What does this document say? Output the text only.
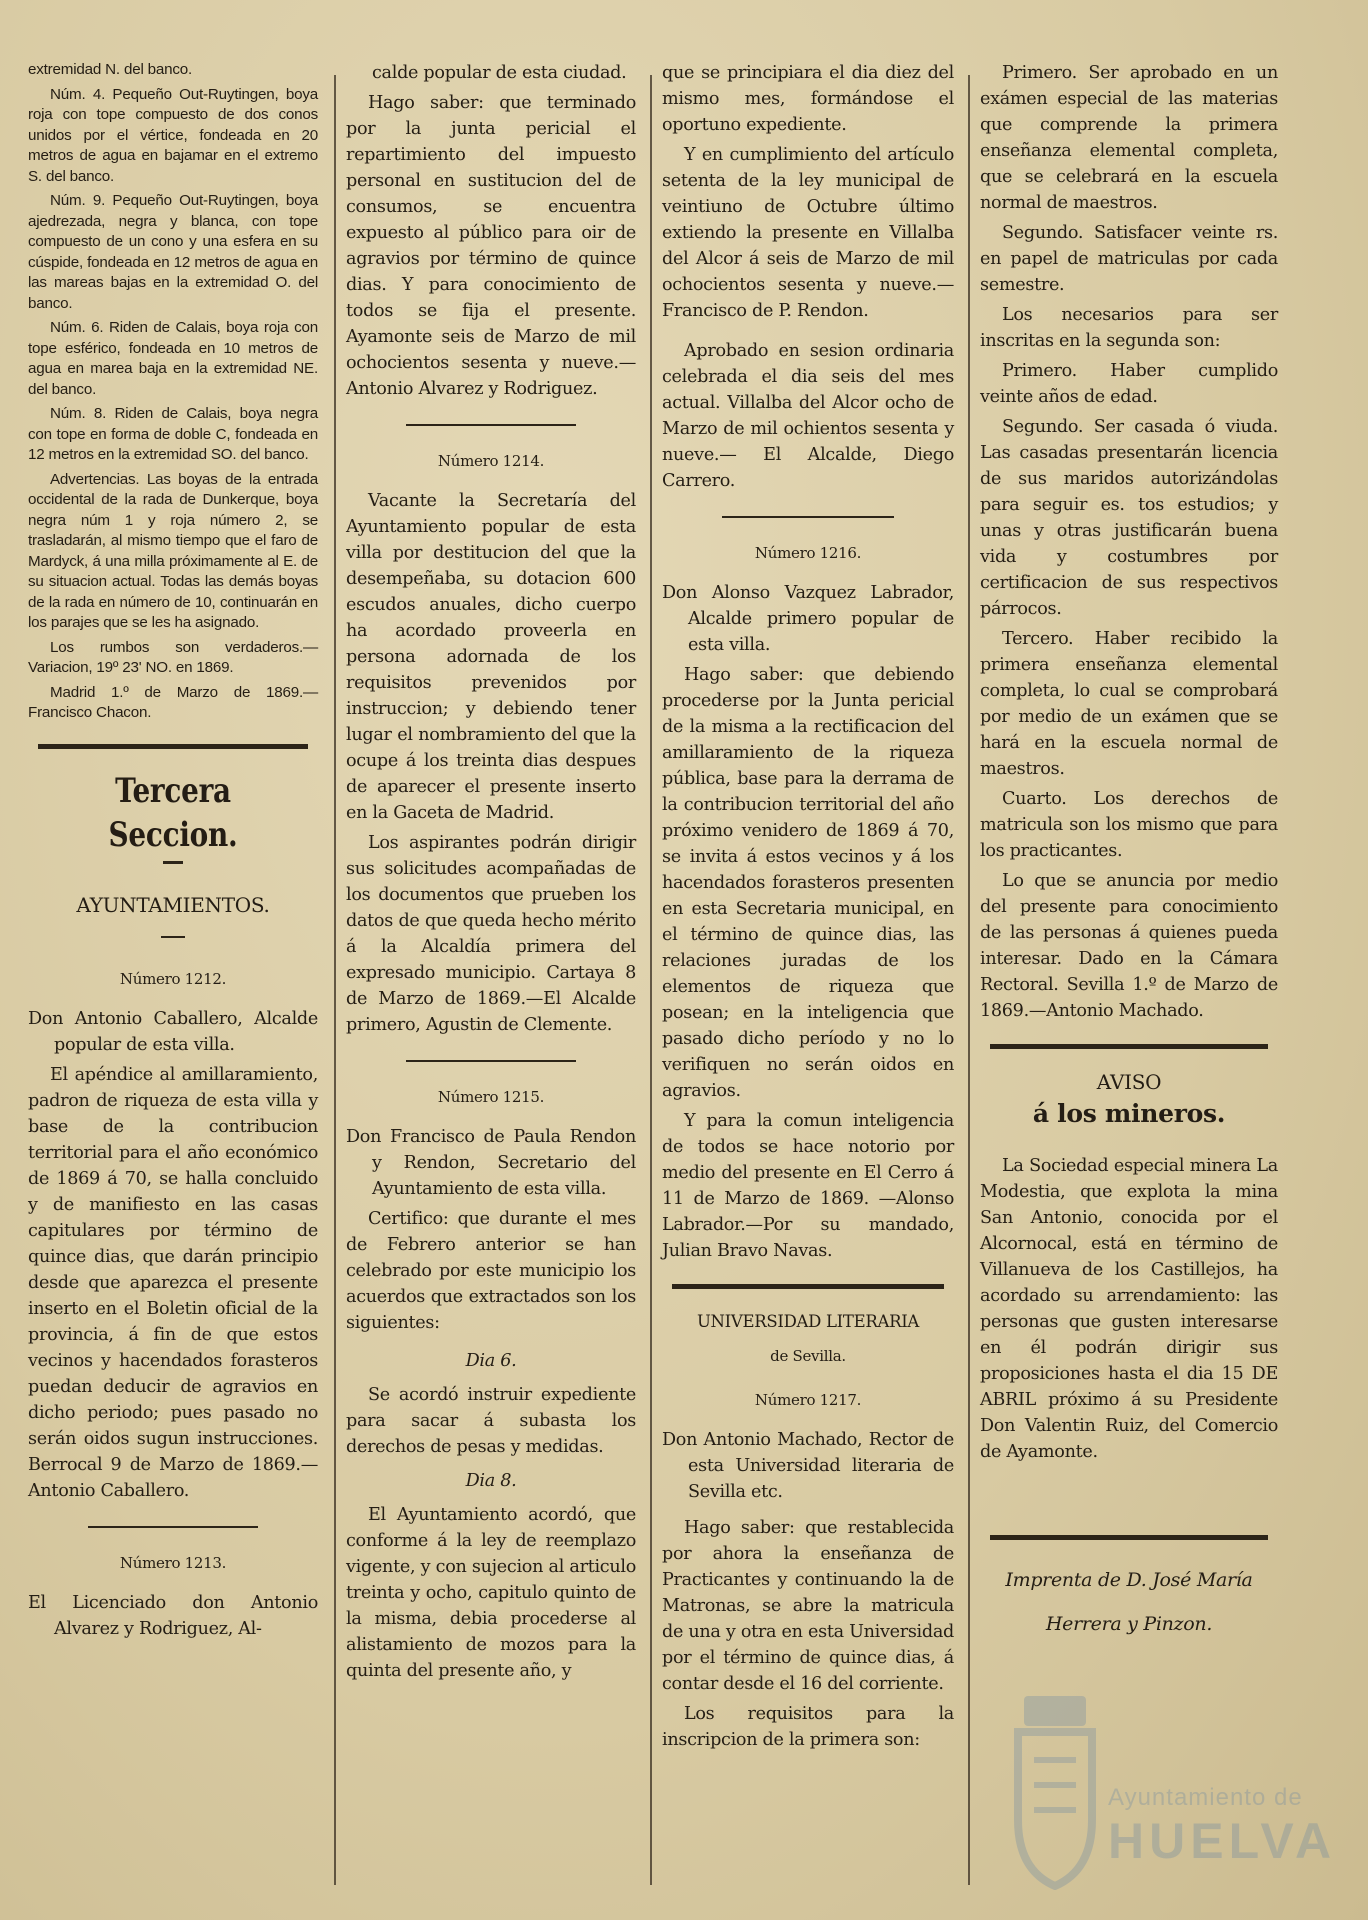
extremidad N. del banco.

Núm. 4. Pequeño Out-Ruytingen, boya roja con tope compuesto de dos conos unidos por el vértice, fondeada en 20 metros de agua en bajamar en el extremo S. del banco.

Núm. 9. Pequeño Out-Ruytingen, boya ajedrezada, negra y blanca, con tope compuesto de un cono y una esfera en su cúspide, fondeada en 12 metros de agua en las mareas bajas en la extremidad O. del banco.

Núm. 6. Riden de Calais, boya roja con tope esférico, fondeada en 10 metros de agua en marea baja en la extremidad NE. del banco.

Núm. 8. Riden de Calais, boya negra con tope en forma de doble C, fondeada en 12 metros en la extremidad SO. del banco.

Advertencias. Las boyas de la entrada occidental de la rada de Dunkerque, boya negra núm 1 y roja número 2, se trasladarán, al mismo tiempo que el faro de Mardyck, á una milla próximamente al E. de su situacion actual. Todas las demás boyas de la rada en número de 10, continuarán en los parajes que se les ha asignado.

Los rumbos son verdaderos.— Variacion, 19º 23' NO. en 1869.

Madrid 1.º de Marzo de 1869.— Francisco Chacon.

Tercera Seccion.

AYUNTAMIENTOS.

Número 1212.

Don Antonio Caballero, Alcalde popular de esta villa.

El apéndice al amillaramiento, padron de riqueza de esta villa y base de la contribucion territorial para el año económico de 1869 á 70, se halla concluido y de manifiesto en las casas capitulares por término de quince dias, que darán principio desde que aparezca el presente inserto en el Boletin oficial de la provincia, á fin de que estos vecinos y hacendados forasteros puedan deducir de agravios en dicho periodo; pues pasado no serán oidos sugun instrucciones. Berrocal 9 de Marzo de 1869.— Antonio Caballero.

Número 1213.

El Licenciado don Antonio Alvarez y Rodriguez, Al-

calde popular de esta ciudad.

Hago saber: que terminado por la junta pericial el repartimiento del impuesto personal en sustitucion del de consumos, se encuentra expuesto al público para oir de agravios por término de quince dias. Y para conocimiento de todos se fija el presente. Ayamonte seis de Marzo de mil ochocientos sesenta y nueve.—Antonio Alvarez y Rodriguez.

Número 1214.

Vacante la Secretaría del Ayuntamiento popular de esta villa por destitucion del que la desempeñaba, su dotacion 600 escudos anuales, dicho cuerpo ha acordado proveerla en persona adornada de los requisitos prevenidos por instruccion; y debiendo tener lugar el nombramiento del que la ocupe á los treinta dias despues de aparecer el presente inserto en la Gaceta de Madrid.

Los aspirantes podrán dirigir sus solicitudes acompañadas de los documentos que prueben los datos de que queda hecho mérito á la Alcaldía primera del expresado municipio. Cartaya 8 de Marzo de 1869.—El Alcalde primero, Agustin de Clemente.

Número 1215.

Don Francisco de Paula Rendon y Rendon, Secretario del Ayuntamiento de esta villa.

Certifico: que durante el mes de Febrero anterior se han celebrado por este municipio los acuerdos que extractados son los siguientes:

Dia 6.

Se acordó instruir expediente para sacar á subasta los derechos de pesas y medidas.

Dia 8.

El Ayuntamiento acordó, que conforme á la ley de reemplazo vigente, y con sujecion al articulo treinta y ocho, capitulo quinto de la misma, debia procederse al alistamiento de mozos para la quinta del presente año, y

que se principiara el dia diez del mismo mes, formándose el oportuno expediente.

Y en cumplimiento del artículo setenta de la ley municipal de veintiuno de Octubre último extiendo la presente en Villalba del Alcor á seis de Marzo de mil ochocientos sesenta y nueve.— Francisco de P. Rendon.

Aprobado en sesion ordinaria celebrada el dia seis del mes actual. Villalba del Alcor ocho de Marzo de mil ochientos sesenta y nueve.— El Alcalde, Diego Carrero.

Número 1216.

Don Alonso Vazquez Labrador, Alcalde primero popular de esta villa.

Hago saber: que debiendo procederse por la Junta pericial de la misma a la rectificacion del amillaramiento de la riqueza pública, base para la derrama de la contribucion territorial del año próximo venidero de 1869 á 70, se invita á estos vecinos y á los hacendados forasteros presenten en esta Secretaria municipal, en el término de quince dias, las relaciones juradas de los elementos de riqueza que posean; en la inteligencia que pasado dicho período y no lo verifiquen no serán oidos en agravios.

Y para la comun inteligencia de todos se hace notorio por medio del presente en El Cerro á 11 de Marzo de 1869. —Alonso Labrador.—Por su mandado, Julian Bravo Navas.

UNIVERSIDAD LITERARIA

de Sevilla.

Número 1217.

Don Antonio Machado, Rector de esta Universidad literaria de Sevilla etc.

Hago saber: que restablecida por ahora la enseñanza de Practicantes y continuando la de Matronas, se abre la matricula de una y otra en esta Universidad por el término de quince dias, á contar desde el 16 del corriente.

Los requisitos para la inscripcion de la primera son:

Primero. Ser aprobado en un exámen especial de las materias que comprende la primera enseñanza elemental completa, que se celebrará en la escuela normal de maestros.

Segundo. Satisfacer veinte rs. en papel de matriculas por cada semestre.

Los necesarios para ser inscritas en la segunda son:

Primero. Haber cumplido veinte años de edad.

Segundo. Ser casada ó viuda. Las casadas presentarán licencia de sus maridos autorizándolas para seguir es. tos estudios; y unas y otras justificarán buena vida y costumbres por certificacion de sus respectivos párrocos.

Tercero. Haber recibido la primera enseñanza elemental completa, lo cual se comprobará por medio de un exámen que se hará en la escuela normal de maestros.

Cuarto. Los derechos de matricula son los mismo que para los practicantes.

Lo que se anuncia por medio del presente para conocimiento de las personas á quienes pueda interesar. Dado en la Cámara Rectoral. Sevilla 1.º de Marzo de 1869.—Antonio Machado.

AVISO

á los mineros.

La Sociedad especial minera La Modestia, que explota la mina San Antonio, conocida por el Alcornocal, está en término de Villanueva de los Castillejos, ha acordado su arrendamiento: las personas que gusten interesarse en él podrán dirigir sus proposiciones hasta el dia 15 DE ABRIL próximo á su Presidente Don Valentin Ruiz, del Comercio de Ayamonte.

Imprenta de D. José María

Herrera y Pinzon.

Ayuntamiento de
HUELVA
